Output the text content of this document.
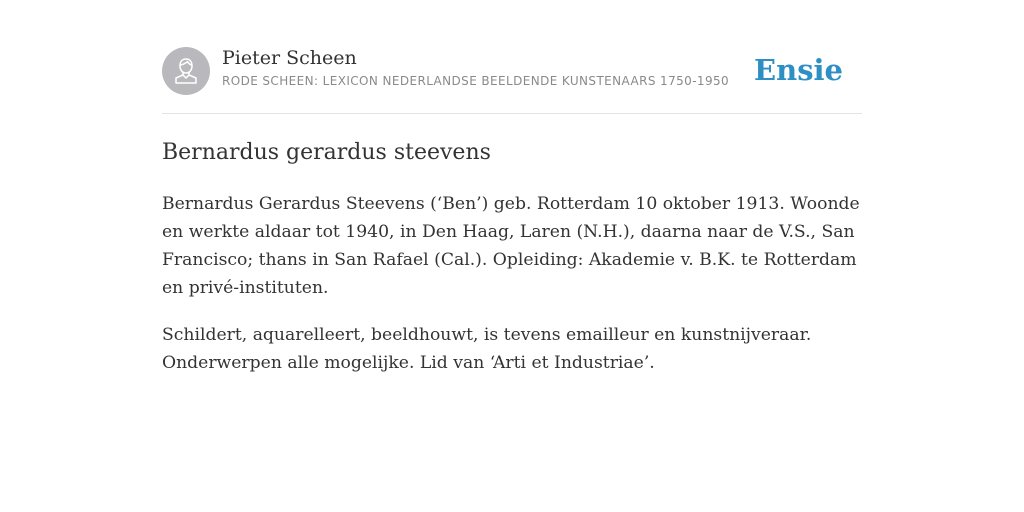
Pieter Scheen
RODE SCHEEN: LEXICON NEDERLANDSE BEELDENDE KUNSTENAARS 1750-1950 Ensie
Bernardus gerardus steevens

Bernardus Gerardus Steevens (‘Ben’) geb. Rotterdam 10 oktober 1913. Woonde en werkte aldaar tot 1940, in Den Haag, Laren (N.H.), daarna naar de V.S., San Francisco; thans in San Rafael (Cal.). Opleiding: Akademie v. B.K. te Rotterdam en privé-instituten.

Schildert, aquarelleert, beeldhouwt, is tevens emailleur en kunstnijveraar. Onderwerpen alle mogelijke. Lid van ‘Arti et Industriae’.
